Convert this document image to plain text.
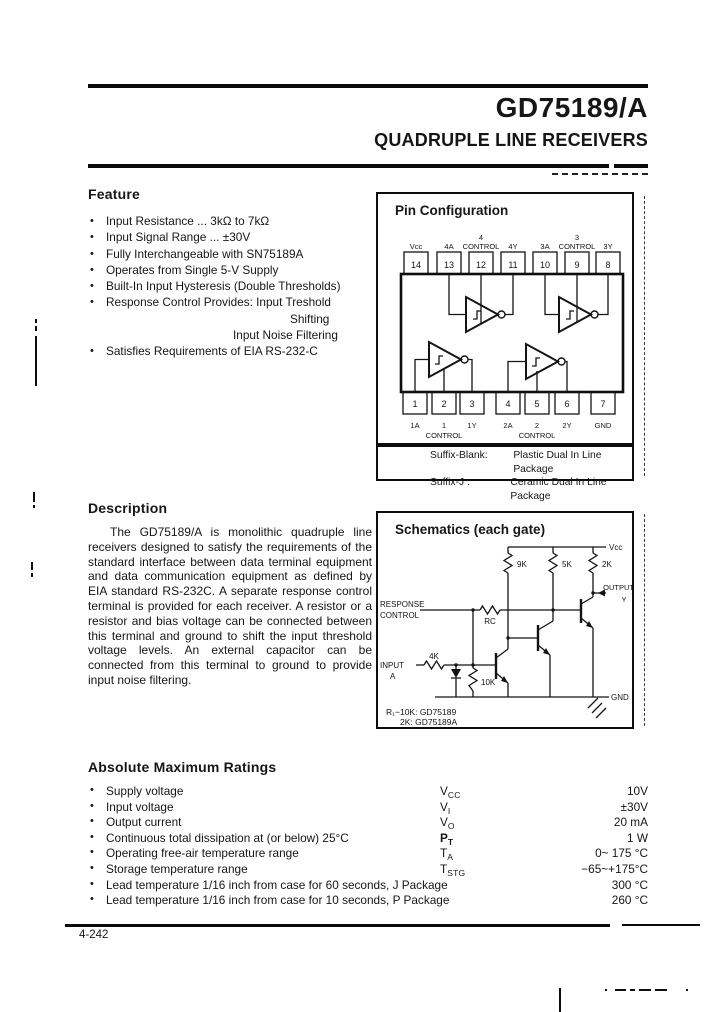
GD75189/A
QUADRUPLE LINE RECEIVERS
Feature
• Input Resistance ... 3kΩ to 7kΩ
• Input Signal Range ... ±30V
• Fully Interchangeable with SN75189A
• Operates from Single 5-V Supply
• Built-In Input Hysteresis (Double Thresholds)
• Response Control Provides: Input Treshold
Shifting
Input Noise Filtering
• Satisfies Requirements of EIA RS-232-C
Pin Configuration
4	3
Vcc	4A CONTROL 4Y	3A CONTROL 3Y
14	13 12 11 10	9	8
1	2	3	4	5	6	7
1A	1
CONTROL
1Y	2A	2
CONTROL
2Y	GND
Suffix-Blank:	Plastic Dual In Line Package
Suffix-J :	Ceramic Dual In Line Package
Description

The GD75189/A is monolithic quadruple line receivers designed to satisfy the requirements of the standard interface between data terminal equipment and data communication equipment as defined by EIA standard RS-232C. A separate response control terminal is provided for each receiver. A resistor or a resistor and bias voltage can be connected between this terminal and ground to shift the input threshold voltage levels. An external capacitor can be connected from this terminal to ground to provide input noise filtering.

Schematics (each gate)
Vcc
9K	5K	2K
OUTPUT
Y
RESPONSE
CONTROL
RC
INPUT
A
4K
10K
GND
R₁−10K: GD75189
2K: GD75189A
Absolute Maximum Ratings
• Supply voltage	$V_{CC}$	10V
• Input voltage	$V_I$	±30V
• Output current	$V_O$	20 mA
• Continuous total dissipation at (or below) 25°C	$P_T$	1 W
• Operating free-air temperature range	$T_A$	0~ 175 °C
• Storage temperature range	$T_{STG}$	−65~+175°C
• Lead temperature 1/16 inch from case for 60 seconds, J Package	300 °C
• Lead temperature 1/16 inch from case for 10 seconds, P Package	260 °C
4-242
